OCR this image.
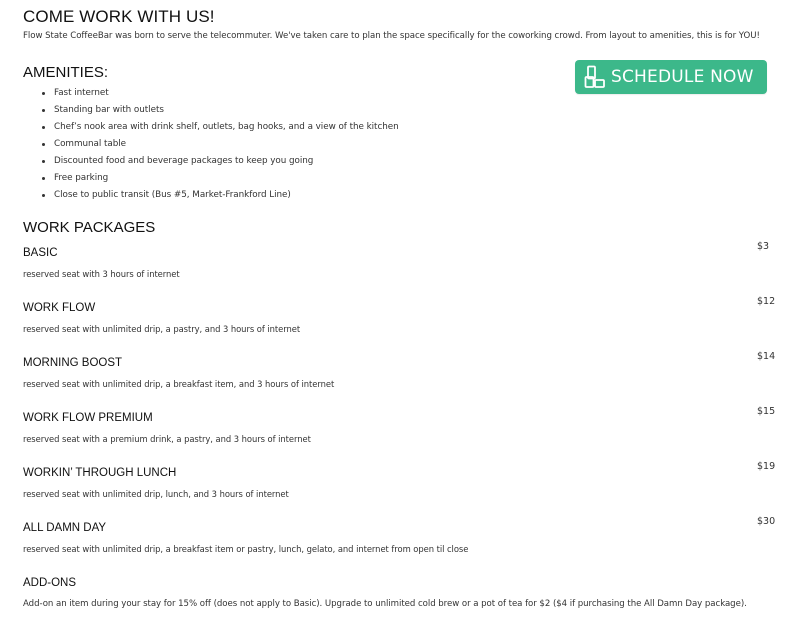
COME WORK WITH US!
Flow State CoffeeBar was born to serve the telecommuter. We've taken care to plan the space specifically for the coworking crowd. From layout to amenities, this is for YOU!
AMENITIES:
Fast internet
Standing bar with outlets
Chef’s nook area with drink shelf, outlets, bag hooks, and a view of the kitchen
Communal table
Discounted food and beverage packages to keep you going
Free parking
Close to public transit (Bus #5, Market-Frankford Line)
SCHEDULE NOW
WORK PACKAGES
BASIC
reserved seat with 3 hours of internet
$3
WORK FLOW
reserved seat with unlimited drip, a pastry, and 3 hours of internet
$12
MORNING BOOST
reserved seat with unlimited drip, a breakfast item, and 3 hours of internet
$14
WORK FLOW PREMIUM
reserved seat with a premium drink, a pastry, and 3 hours of internet
$15
WORKIN’ THROUGH LUNCH
reserved seat with unlimited drip, lunch, and 3 hours of internet
$19
ALL DAMN DAY
reserved seat with unlimited drip, a breakfast item or pastry, lunch, gelato, and internet from open til close
$30
ADD-ONS
Add-on an item during your stay for 15% off (does not apply to Basic). Upgrade to unlimited cold brew or a pot of tea for $2 ($4 if purchasing the All Damn Day package).
